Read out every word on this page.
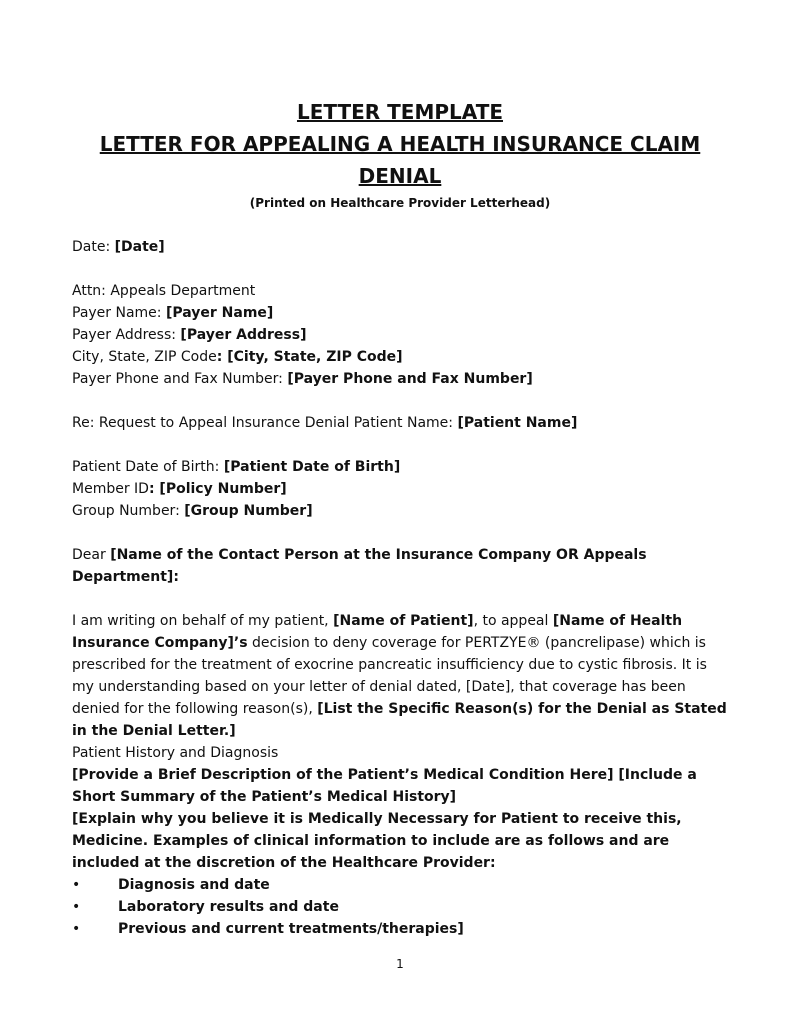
LETTER TEMPLATE
LETTER FOR APPEALING A HEALTH INSURANCE CLAIM
DENIAL
(Printed on Healthcare Provider Letterhead)

Date: [Date]

Attn: Appeals Department

Payer Name: [Payer Name]

Payer Address: [Payer Address]

City, State, ZIP Code: [City, State, ZIP Code]

Payer Phone and Fax Number: [Payer Phone and Fax Number]

Re: Request to Appeal Insurance Denial Patient Name: [Patient Name]

Patient Date of Birth: [Patient Date of Birth]

Member ID: [Policy Number]

Group Number: [Group Number]

Dear [Name of the Contact Person at the Insurance Company OR Appeals Department]:

I am writing on behalf of my patient, [Name of Patient], to appeal [Name of Health Insurance Company]’s decision to deny coverage for PERTZYE® (pancrelipase) which is prescribed for the treatment of exocrine pancreatic insufficiency due to cystic fibrosis. It is my understanding based on your letter of denial dated, [Date], that coverage has been denied for the following reason(s), [List the Specific Reason(s) for the Denial as Stated in the Denial Letter.]

Patient History and Diagnosis

[Provide a Brief Description of the Patient’s Medical Condition Here] [Include a Short Summary of the Patient’s Medical History]

[Explain why you believe it is Medically Necessary for Patient to receive this, Medicine. Examples of clinical information to include are as follows and are included at the discretion of the Healthcare Provider:

•	Diagnosis and date
•	Laboratory results and date
•	Previous and current treatments/therapies]
1
